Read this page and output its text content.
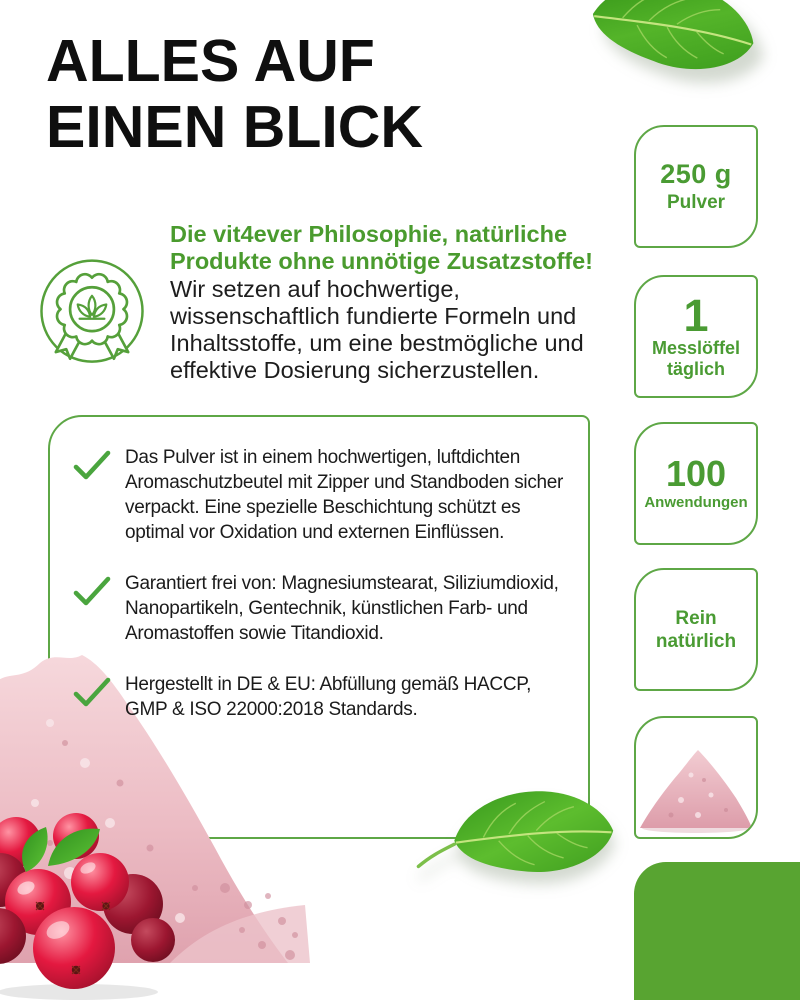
ALLES AUF
EINEN BLICK

Die vit4ever Philosophie, natürliche Produkte ohne unnötige Zusatzstoffe!

Wir setzen auf hochwertige, wissenschaftlich fundierte Formeln und Inhaltsstoffe, um eine bestmögliche und effektive Dosierung sicherzustellen.

Das Pulver ist in einem hochwertigen, luftdichten Aromaschutzbeutel mit Zipper und Standboden sicher verpackt. Eine spezielle Beschichtung schützt es optimal vor Oxidation und externen Einflüssen.
Garantiert frei von: Magnesiumstearat, Siliziumdioxid, Nanopartikeln, Gentechnik, künstlichen Farb- und Aromastoffen sowie Titandioxid.
Hergestellt in DE & EU: Abfüllung gemäß HACCP, GMP & ISO 22000:2018 Standards.
250 g
Pulver
1
Messlöffel täglich
100
Anwendungen
Rein natürlich
